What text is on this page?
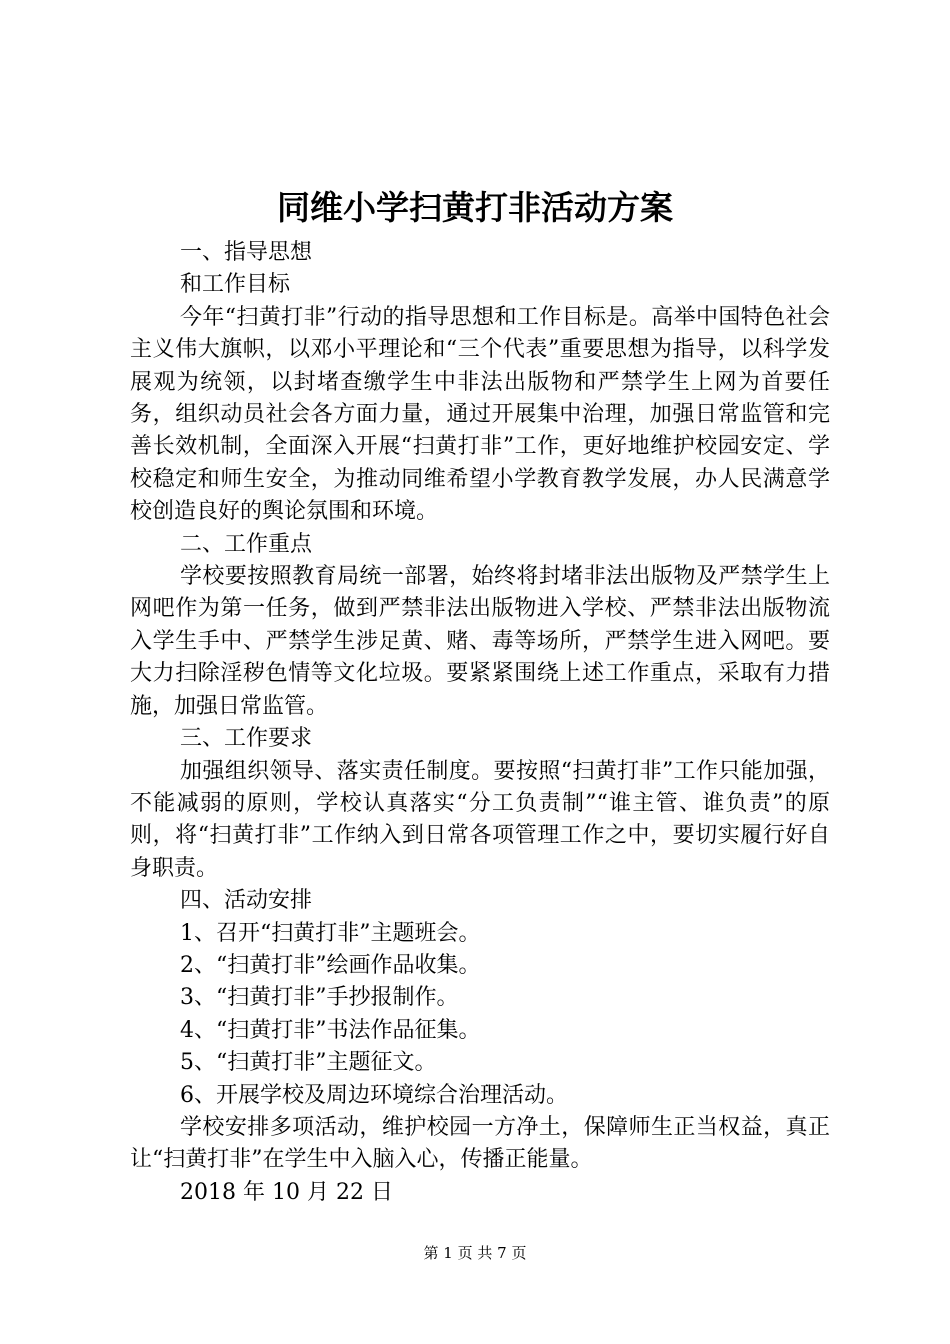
同维小学扫黄打非活动方案

一、指导思想

和工作目标

今年“扫黄打非”行动的指导思想和工作目标是。高举中国特色社会主义伟大旗帜，以邓小平理论和“三个代表”重要思想为指导，以科学发展观为统领，以封堵查缴学生中非法出版物和严禁学生上网为首要任务，组织动员社会各方面力量，通过开展集中治理，加强日常监管和完善长效机制，全面深入开展“扫黄打非”工作，更好地维护校园安定、学校稳定和师生安全，为推动同维希望小学教育教学发展，办人民满意学校创造良好的舆论氛围和环境。

二、工作重点

学校要按照教育局统一部署，始终将封堵非法出版物及严禁学生上网吧作为第一任务，做到严禁非法出版物进入学校、严禁非法出版物流入学生手中、严禁学生涉足黄、赌、毒等场所，严禁学生进入网吧。要大力扫除淫秽色情等文化垃圾。要紧紧围绕上述工作重点，采取有力措施，加强日常监管。

三、工作要求

加强组织领导、落实责任制度。要按照“扫黄打非”工作只能加强，不能减弱的原则，学校认真落实“分工负责制”“谁主管、谁负责”的原则，将“扫黄打非”工作纳入到日常各项管理工作之中，要切实履行好自身职责。

四、活动安排

1、召开“扫黄打非”主题班会。

2、“扫黄打非”绘画作品收集。

3、“扫黄打非”手抄报制作。

4、“扫黄打非”书法作品征集。

5、“扫黄打非”主题征文。

6、开展学校及周边环境综合治理活动。

学校安排多项活动，维护校园一方净土，保障师生正当权益，真正让“扫黄打非”在学生中入脑入心，传播正能量。

2018 年 10 月 22 日

第 1 页 共 7 页
